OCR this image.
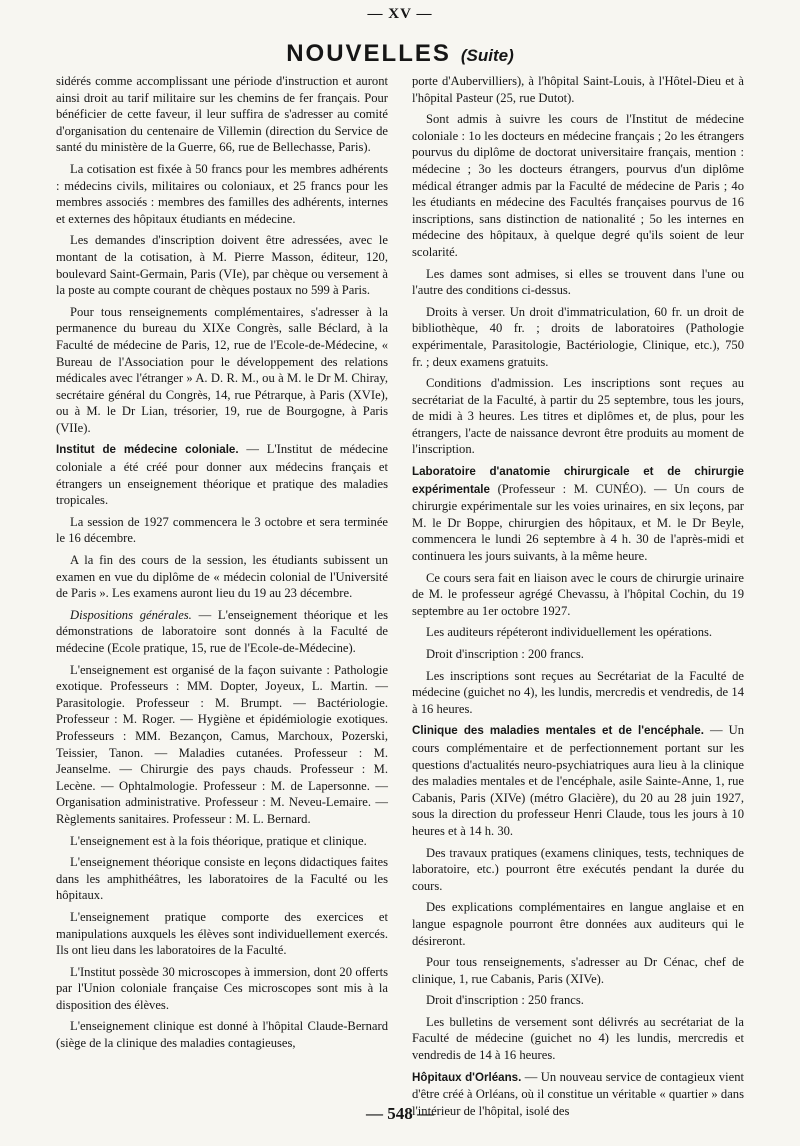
— XV —
NOUVELLES (Suite)

sidérés comme accomplissant une période d'instruction et auront ainsi droit au tarif militaire sur les chemins de fer français. Pour bénéficier de cette faveur, il leur suffira de s'adresser au comité d'organisation du centenaire de Villemin (direction du Service de santé du ministère de la Guerre, 66, rue de Bellechasse, Paris).

La cotisation est fixée à 50 francs pour les membres adhérents : médecins civils, militaires ou coloniaux, et 25 francs pour les membres associés : membres des familles des adhérents, internes et externes des hôpitaux étudiants en médecine.

Les demandes d'inscription doivent être adressées, avec le montant de la cotisation, à M. Pierre Masson, éditeur, 120, boulevard Saint-Germain, Paris (VIe), par chèque ou versement à la poste au compte courant de chèques postaux no 599 à Paris.

Pour tous renseignements complémentaires, s'adresser à la permanence du bureau du XIXe Congrès, salle Béclard, à la Faculté de médecine de Paris, 12, rue de l'Ecole-de-Médecine, « Bureau de l'Association pour le développement des relations médicales avec l'étranger » A. D. R. M., ou à M. le Dr M. Chiray, secrétaire général du Congrès, 14, rue Pétrarque, à Paris (XVIe), ou à M. le Dr Lian, trésorier, 19, rue de Bourgogne, à Paris (VIIe).

Institut de médecine coloniale. — L'Institut de médecine coloniale a été créé pour donner aux médecins français et étrangers un enseignement théorique et pratique des maladies tropicales.

La session de 1927 commencera le 3 octobre et sera terminée le 16 décembre.

A la fin des cours de la session, les étudiants subissent un examen en vue du diplôme de « médecin colonial de l'Université de Paris ». Les examens auront lieu du 19 au 23 décembre.

Dispositions générales. — L'enseignement théorique et les démonstrations de laboratoire sont donnés à la Faculté de médecine (Ecole pratique, 15, rue de l'Ecole-de-Médecine).

L'enseignement est organisé de la façon suivante : Pathologie exotique. Professeurs : MM. Dopter, Joyeux, L. Martin. — Parasitologie. Professeur : M. Brumpt. — Bactériologie. Professeur : M. Roger. — Hygiène et épidémiologie exotiques. Professeurs : MM. Bezançon, Camus, Marchoux, Pozerski, Teissier, Tanon. — Maladies cutanées. Professeur : M. Jeanselme. — Chirurgie des pays chauds. Professeur : M. Lecène. — Ophtalmologie. Professeur : M. de Lapersonne. — Organisation administrative. Professeur : M. Neveu-Lemaire. — Règlements sanitaires. Professeur : M. L. Bernard.

L'enseignement est à la fois théorique, pratique et clinique.

L'enseignement théorique consiste en leçons didactiques faites dans les amphithéâtres, les laboratoires de la Faculté ou les hôpitaux.

L'enseignement pratique comporte des exercices et manipulations auxquels les élèves sont individuellement exercés. Ils ont lieu dans les laboratoires de la Faculté.

L'Institut possède 30 microscopes à immersion, dont 20 offerts par l'Union coloniale française Ces microscopes sont mis à la disposition des élèves.

L'enseignement clinique est donné à l'hôpital Claude-Bernard (siège de la clinique des maladies contagieuses,

porte d'Aubervilliers), à l'hôpital Saint-Louis, à l'Hôtel-Dieu et à l'hôpital Pasteur (25, rue Dutot).

Sont admis à suivre les cours de l'Institut de médecine coloniale : 1o les docteurs en médecine français ; 2o les étrangers pourvus du diplôme de doctorat universitaire français, mention : médecine ; 3o les docteurs étrangers, pourvus d'un diplôme médical étranger admis par la Faculté de médecine de Paris ; 4o les étudiants en médecine des Facultés françaises pourvus de 16 inscriptions, sans distinction de nationalité ; 5o les internes en médecine des hôpitaux, à quelque degré qu'ils soient de leur scolarité.

Les dames sont admises, si elles se trouvent dans l'une ou l'autre des conditions ci-dessus.

Droits à verser. Un droit d'immatriculation, 60 fr. un droit de bibliothèque, 40 fr. ; droits de laboratoires (Pathologie expérimentale, Parasitologie, Bactériologie, Clinique, etc.), 750 fr. ; deux examens gratuits.

Conditions d'admission. Les inscriptions sont reçues au secrétariat de la Faculté, à partir du 25 septembre, tous les jours, de midi à 3 heures. Les titres et diplômes et, de plus, pour les étrangers, l'acte de naissance devront être produits au moment de l'inscription.

Laboratoire d'anatomie chirurgicale et de chirurgie expérimentale (Professeur : M. CUNÉO). — Un cours de chirurgie expérimentale sur les voies urinaires, en six leçons, par M. le Dr Boppe, chirurgien des hôpitaux, et M. le Dr Beyle, commencera le lundi 26 septembre à 4 h. 30 de l'après-midi et continuera les jours suivants, à la même heure.

Ce cours sera fait en liaison avec le cours de chirurgie urinaire de M. le professeur agrégé Chevassu, à l'hôpital Cochin, du 19 septembre au 1er octobre 1927.

Les auditeurs répéteront individuellement les opérations.

Droit d'inscription : 200 francs.

Les inscriptions sont reçues au Secrétariat de la Faculté de médecine (guichet no 4), les lundis, mercredis et vendredis, de 14 à 16 heures.

Clinique des maladies mentales et de l'encéphale. — Un cours complémentaire et de perfectionnement portant sur les questions d'actualités neuro-psychiatriques aura lieu à la clinique des maladies mentales et de l'encéphale, asile Sainte-Anne, 1, rue Cabanis, Paris (XIVe) (métro Glacière), du 20 au 28 juin 1927, sous la direction du professeur Henri Claude, tous les jours à 10 heures et à 14 h. 30.

Des travaux pratiques (examens cliniques, tests, techniques de laboratoire, etc.) pourront être exécutés pendant la durée du cours.

Des explications complémentaires en langue anglaise et en langue espagnole pourront être données aux auditeurs qui le désireront.

Pour tous renseignements, s'adresser au Dr Cénac, chef de clinique, 1, rue Cabanis, Paris (XIVe).

Droit d'inscription : 250 francs.

Les bulletins de versement sont délivrés au secrétariat de la Faculté de médecine (guichet no 4) les lundis, mercredis et vendredis de 14 à 16 heures.

Hôpitaux d'Orléans. — Un nouveau service de contagieux vient d'être créé à Orléans, où il constitue un véritable « quartier » dans l'intérieur de l'hôpital, isolé des

— 548 —
